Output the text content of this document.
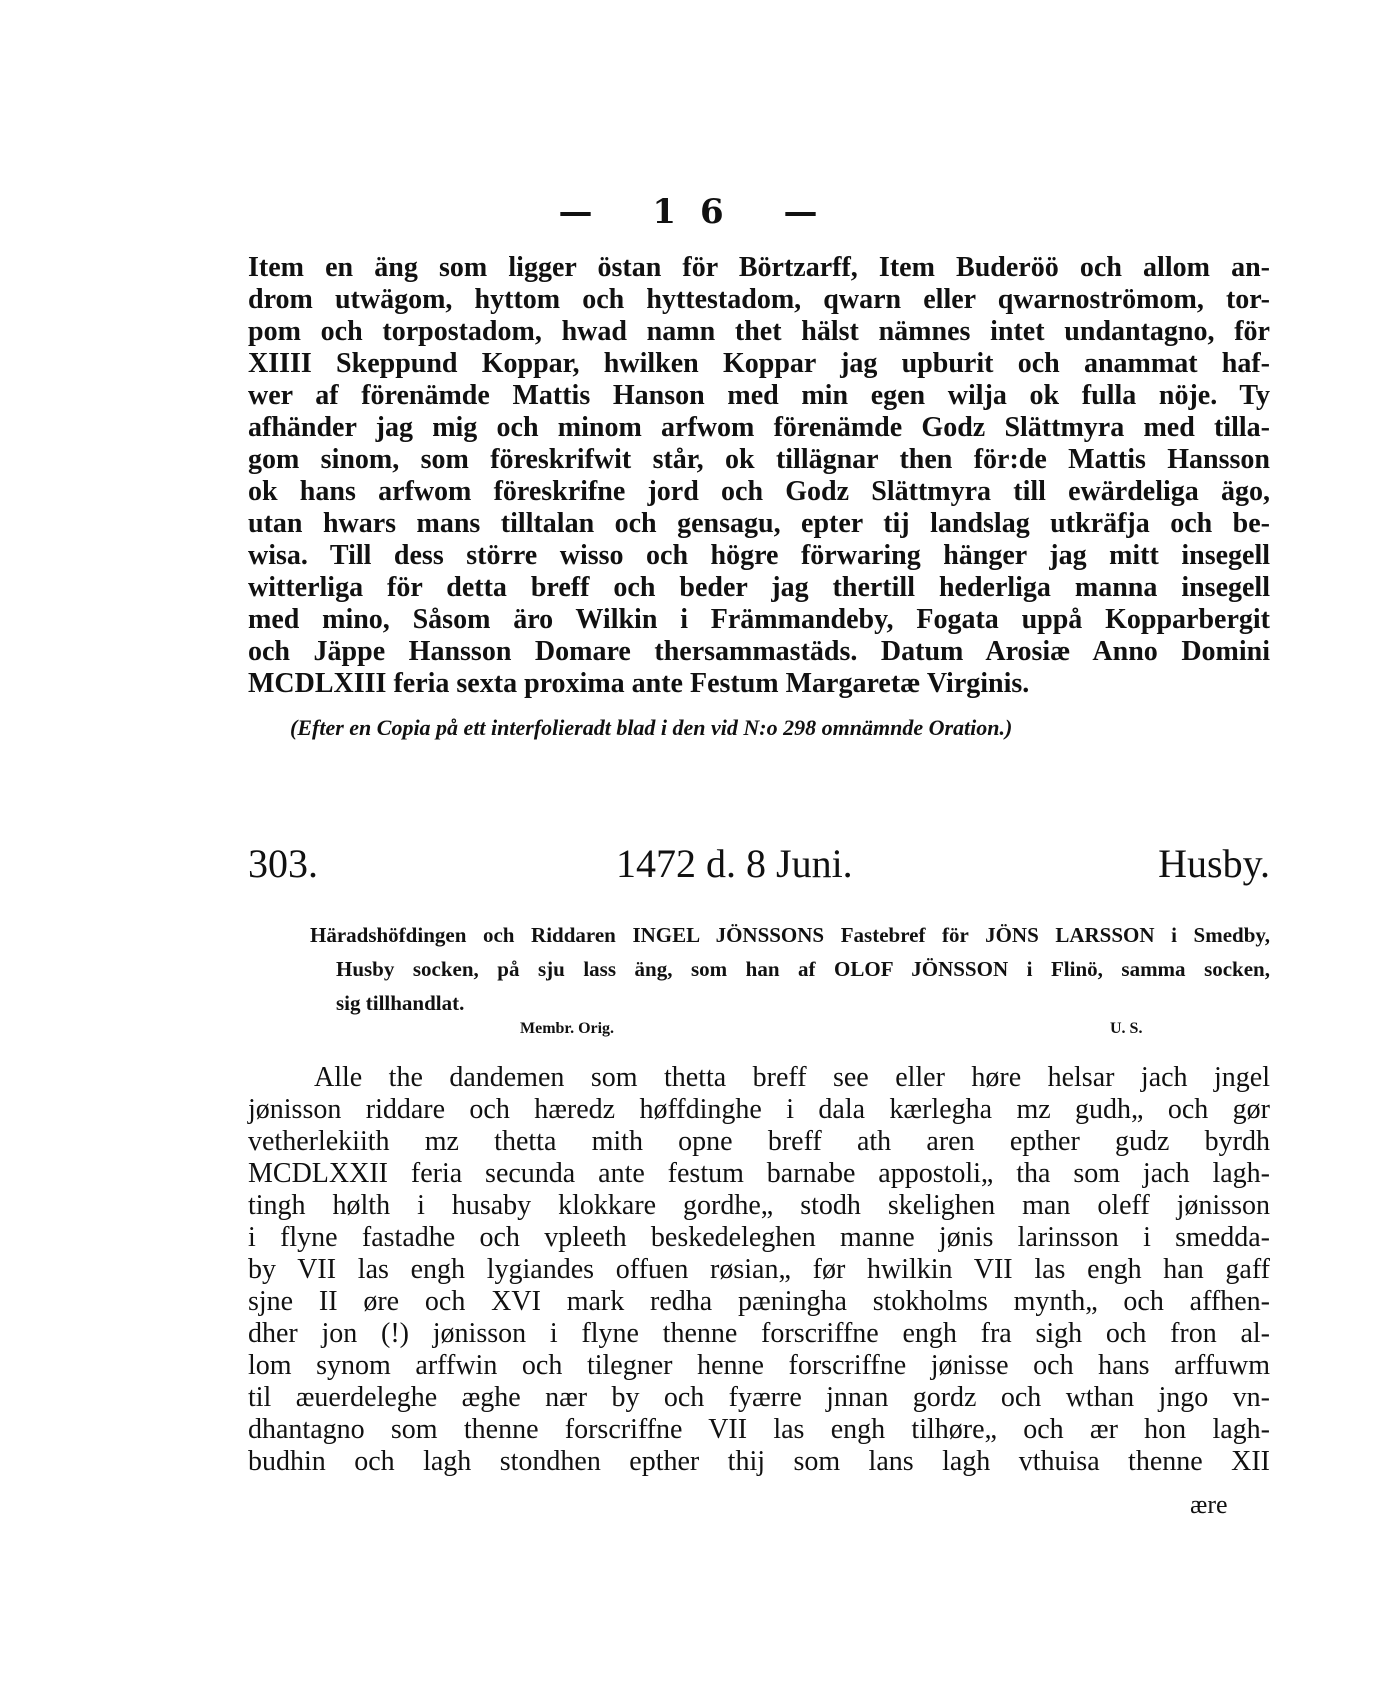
— 16 —
Item en äng som ligger östan för Börtzarff, Item Buderöö och allom an-
drom utwägom, hyttom och hyttestadom, qwarn eller qwarnoströmom, tor-
pom och torpostadom, hwad namn thet hälst nämnes intet undantagno, för
XIIII Skeppund Koppar, hwilken Koppar jag upburit och anammat haf-
wer af förenämde Mattis Hanson med min egen wilja ok fulla nöje. Ty
afhänder jag mig och minom arfwom förenämde Godz Slättmyra med tilla-
gom sinom, som föreskrifwit står, ok tillägnar then för:de Mattis Hansson
ok hans arfwom föreskrifne jord och Godz Slättmyra till ewärdeliga ägo,
utan hwars mans tilltalan och gensagu, epter tij landslag utkräfja och be-
wisa. Till dess större wisso och högre förwaring hänger jag mitt insegell
witterliga för detta breff och beder jag thertill hederliga manna insegell
med mino, Såsom äro Wilkin i Främmandeby, Fogata uppå Kopparbergit
och Jäppe Hansson Domare thersammastäds. Datum Arosiæ Anno Domini
MCDLXIII feria sexta proxima ante Festum Margaretæ Virginis.
(Efter en Copia på ett interfolieradt blad i den vid N:o 298 omnämnde Oration.)
303.	1472 d. 8 Juni.	Husby.
Häradshöfdingen och Riddaren INGEL JÖNSSONS Fastebref för JÖNS LARSSON i Smedby,
Husby socken, på sju lass äng, som han af OLOF JÖNSSON i Flinö, samma socken,
sig tillhandlat.
Membr. Orig.	U. S.
Alle the dandemen som thetta breff see eller høre helsar jach jngel
jønisson riddare och hæredz høffdinghe i dala kærlegha mz gudh„ och gør
vetherlekiith mz thetta mith opne breff ath aren epther gudz byrdh
MCDLXXII feria secunda ante festum barnabe appostoli„ tha som jach lagh-
tingh hølth i husaby klokkare gordhe„ stodh skelighen man oleff jønisson
i flyne fastadhe och vpleeth beskedeleghen manne jønis larinsson i smedda-
by VII las engh lygiandes offuen røsian„ før hwilkin VII las engh han gaff
sjne II øre och XVI mark redha pæningha stokholms mynth„ och affhen-
dher jon (!) jønisson i flyne thenne forscriffne engh fra sigh och fron al-
lom synom arffwin och tilegner henne forscriffne jønisse och hans arffuwm
til æuerdeleghe æghe nær by och fyærre jnnan gordz och wthan jngo vn-
dhantagno som thenne forscriffne VII las engh tilhøre„ och ær hon lagh-
budhin och lagh stondhen epther thij som lans lagh vthuisa thenne XII
ære
